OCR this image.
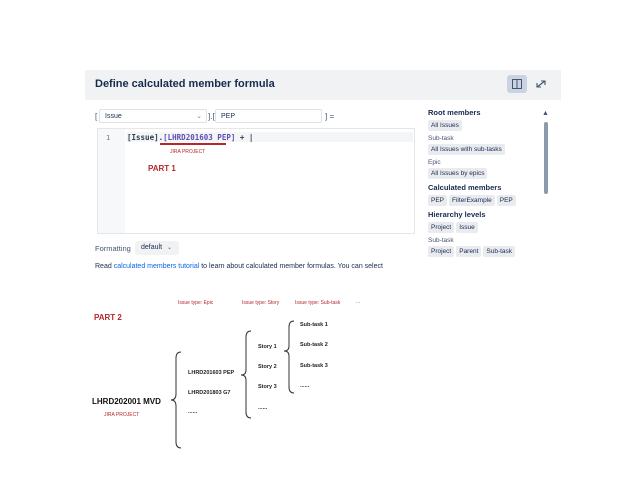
Define calculated member formula
[	Issue	⌄ ].[ PEP	] =
1 [Issue].[LHRD201603 PEP] + |
JIRA PROJECT
PART 1
Root members
All Issues
Sub-task
All Issues with sub-tasks
Epic
All Issues by epics
Calculated members
PEP FilterExample PEP
Hierarchy levels
Project Issue
Sub-task
Project Parent Sub-task
▲
Formatting	default ⌄
Read calculated members tutorial to learn about calculated member formulas. You can select
Issue type: Epic	Issue type: Story	Issue type: Sub-task	...
PART 2
LHRD202001 MVD
JIRA PROJECT
LHRD201603 PEP
LHRD201803 G7
......
Story 1
Story 2
Story 3
......
Sub-task 1
Sub-task 2
Sub-task 3
......
